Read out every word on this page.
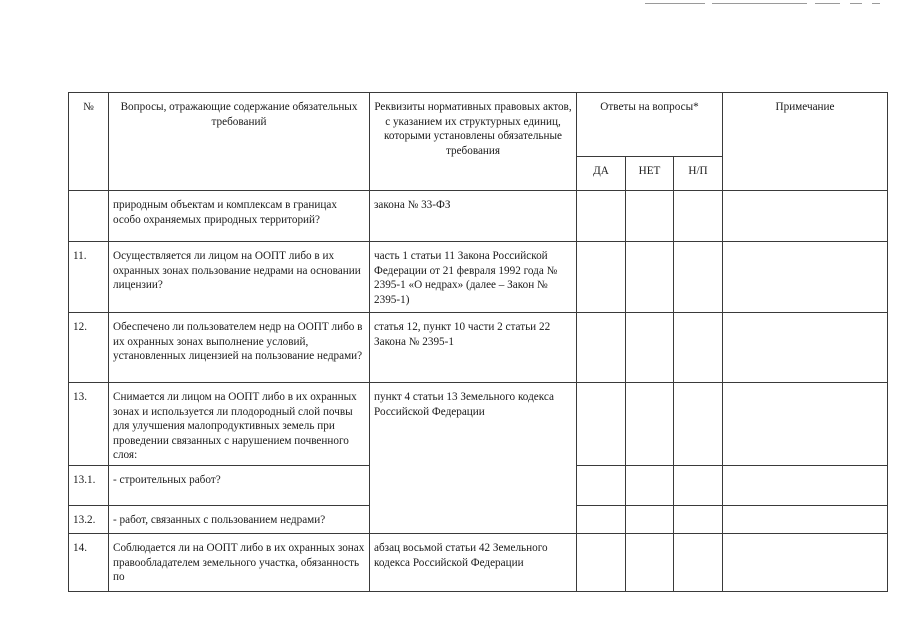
№	Вопросы, отражающие содержание обязательных требований	Реквизиты нормативных правовых актов, с указанием их структурных единиц, которыми установлены обязательные требования	Ответы на вопросы*			Примечание
			ДА	НЕТ	Н/П	
	природным объектам и комплексам в границах особо охраняемых природных территорий?	закона № 33-ФЗ				
11.	Осуществляется ли лицом на ООПТ либо в их охранных зонах пользование недрами на основании лицензии?	часть 1 статьи 11 Закона Российской Федерации от 21 февраля 1992 года № 2395-1 «О недрах» (далее – Закон № 2395-1)				
12.	Обеспечено ли пользователем недр на ООПТ либо в их охранных зонах выполнение условий, установленных лицензией на пользование недрами?	статья 12, пункт 10 части 2 статьи 22 Закона № 2395-1				
13.	Снимается ли лицом на ООПТ либо в их охранных зонах и используется ли плодородный слой почвы для улучшения малопродуктивных земель при проведении связанных с нарушением почвенного слоя:	пункт 4 статьи 13 Земельного кодекса Российской Федерации				
13.1.	- строительных работ?					
13.2.	- работ, связанных с пользованием недрами?					
14.	Соблюдается ли на ООПТ либо в их охранных зонах правообладателем земельного участка, обязанность по	абзац восьмой статьи 42 Земельного кодекса Российской Федерации				
